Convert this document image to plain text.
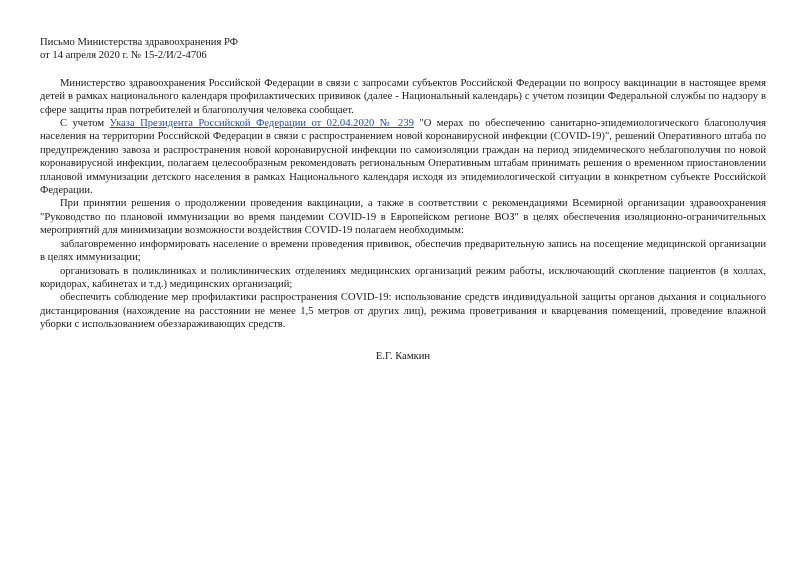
Письмо Министерства здравоохранения РФ
от 14 апреля 2020 г. № 15-2/И/2-4706

Министерство здравоохранения Российской Федерации в связи с запросами субъектов Российской Федерации по вопросу вакцинации в настоящее время детей в рамках национального календаря профилактических прививок (далее - Национальный календарь) с учетом позиции Федеральной службы по надзору в сфере защиты прав потребителей и благополучия человека сообщает.

С учетом Указа Президента Российской Федерации от 02.04.2020 № 239 "О мерах по обеспечению санитарно-эпидемиологического благополучия населения на территории Российской Федерации в связи с распространением новой коронавирусной инфекции (COVID-19)", решений Оперативного штаба по предупреждению завоза и распространения новой коронавирусной инфекции по самоизоляции граждан на период эпидемического неблагополучия по новой коронавирусной инфекции, полагаем целесообразным рекомендовать региональным Оперативным штабам принимать решения о временном приостановлении плановой иммунизации детского населения в рамках Национального календаря исходя из эпидемиологической ситуации в конкретном субъекте Российской Федерации.

При принятии решения о продолжении проведения вакцинации, а также в соответствии с рекомендациями Всемирной организации здравоохранения "Руководство по плановой иммунизации во время пандемии COVID-19 в Европейском регионе ВОЗ" в целях обеспечения изоляционно-ограничительных мероприятий для минимизации возможности воздействия COVID-19 полагаем необходимым:

заблаговременно информировать население о времени проведения прививок, обеспечив предварительную запись на посещение медицинской организации в целях иммунизации;

организовать в поликлиниках и поликлинических отделениях медицинских организаций режим работы, исключающий скопление пациентов (в холлах, коридорах, кабинетах и т.д.) медицинских организаций;

обеспечить соблюдение мер профилактики распространения COVID-19: использование средств индивидуальной защиты органов дыхания и социального дистанцирования (нахождение на расстоянии не менее 1,5 метров от других лиц), режима проветривания и кварцевания помещений, проведение влажной уборки с использованием обеззараживающих средств.

Е.Г. Камкин
